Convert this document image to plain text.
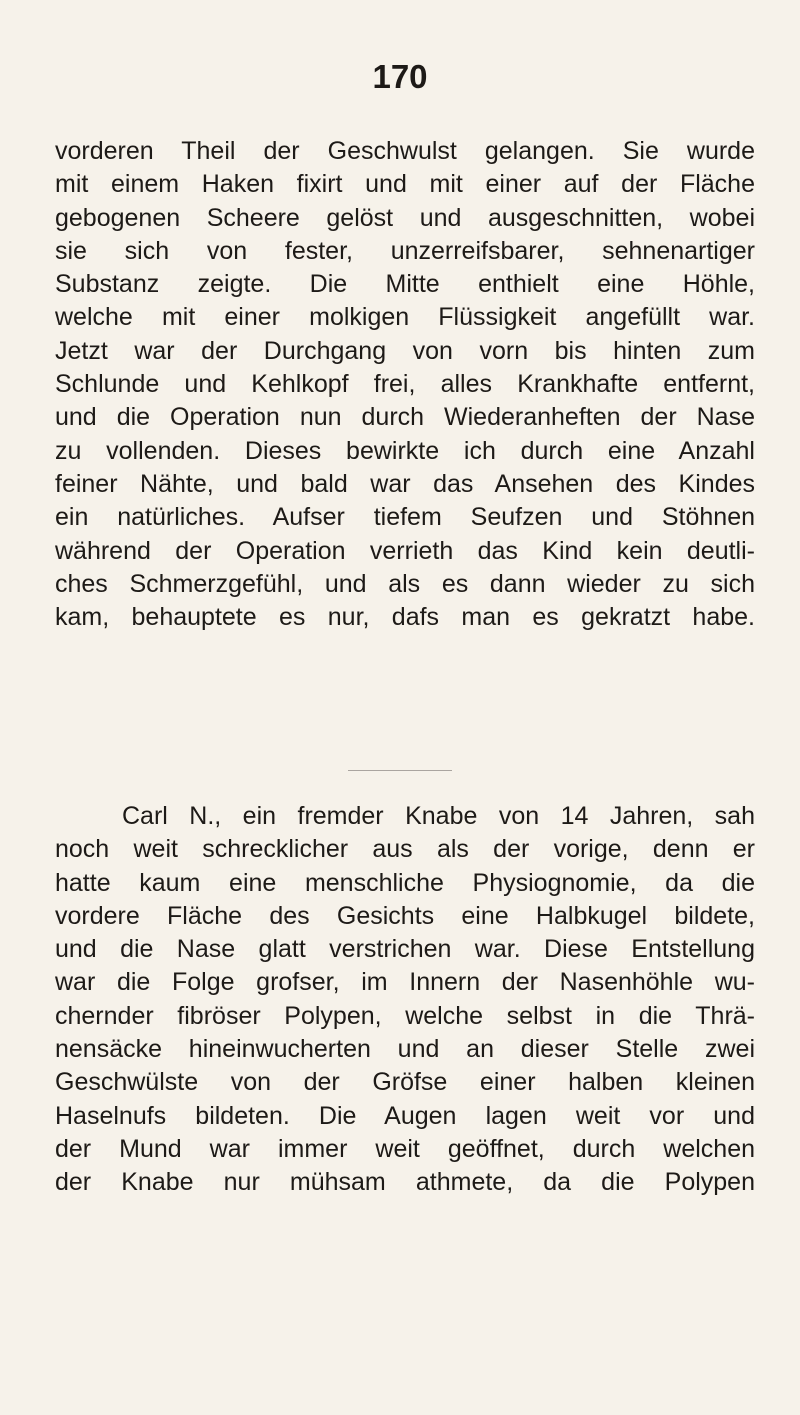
170
vorderen Theil der Geschwulst gelangen. Sie wurde
mit einem Haken fixirt und mit einer auf der Fläche
gebogenen Scheere gelöst und ausgeschnitten, wobei
sie sich von fester, unzerreifsbarer, sehnenartiger
Substanz zeigte. Die Mitte enthielt eine Höhle,
welche mit einer molkigen Flüssigkeit angefüllt war.
Jetzt war der Durchgang von vorn bis hinten zum
Schlunde und Kehlkopf frei, alles Krankhafte entfernt,
und die Operation nun durch Wiederanheften der Nase
zu vollenden. Dieses bewirkte ich durch eine Anzahl
feiner Nähte, und bald war das Ansehen des Kindes
ein natürliches. Aufser tiefem Seufzen und Stöhnen
während der Operation verrieth das Kind kein deutli-
ches Schmerzgefühl, und als es dann wieder zu sich
kam, behauptete es nur, dafs man es gekratzt habe.
Carl N., ein fremder Knabe von 14 Jahren, sah
noch weit schrecklicher aus als der vorige, denn er
hatte kaum eine menschliche Physiognomie, da die
vordere Fläche des Gesichts eine Halbkugel bildete,
und die Nase glatt verstrichen war. Diese Entstellung
war die Folge grofser, im Innern der Nasenhöhle wu-
chernder fibröser Polypen, welche selbst in die Thrä-
nensäcke hineinwucherten und an dieser Stelle zwei
Geschwülste von der Gröfse einer halben kleinen
Haselnufs bildeten. Die Augen lagen weit vor und
der Mund war immer weit geöffnet, durch welchen
der Knabe nur mühsam athmete, da die Polypen
